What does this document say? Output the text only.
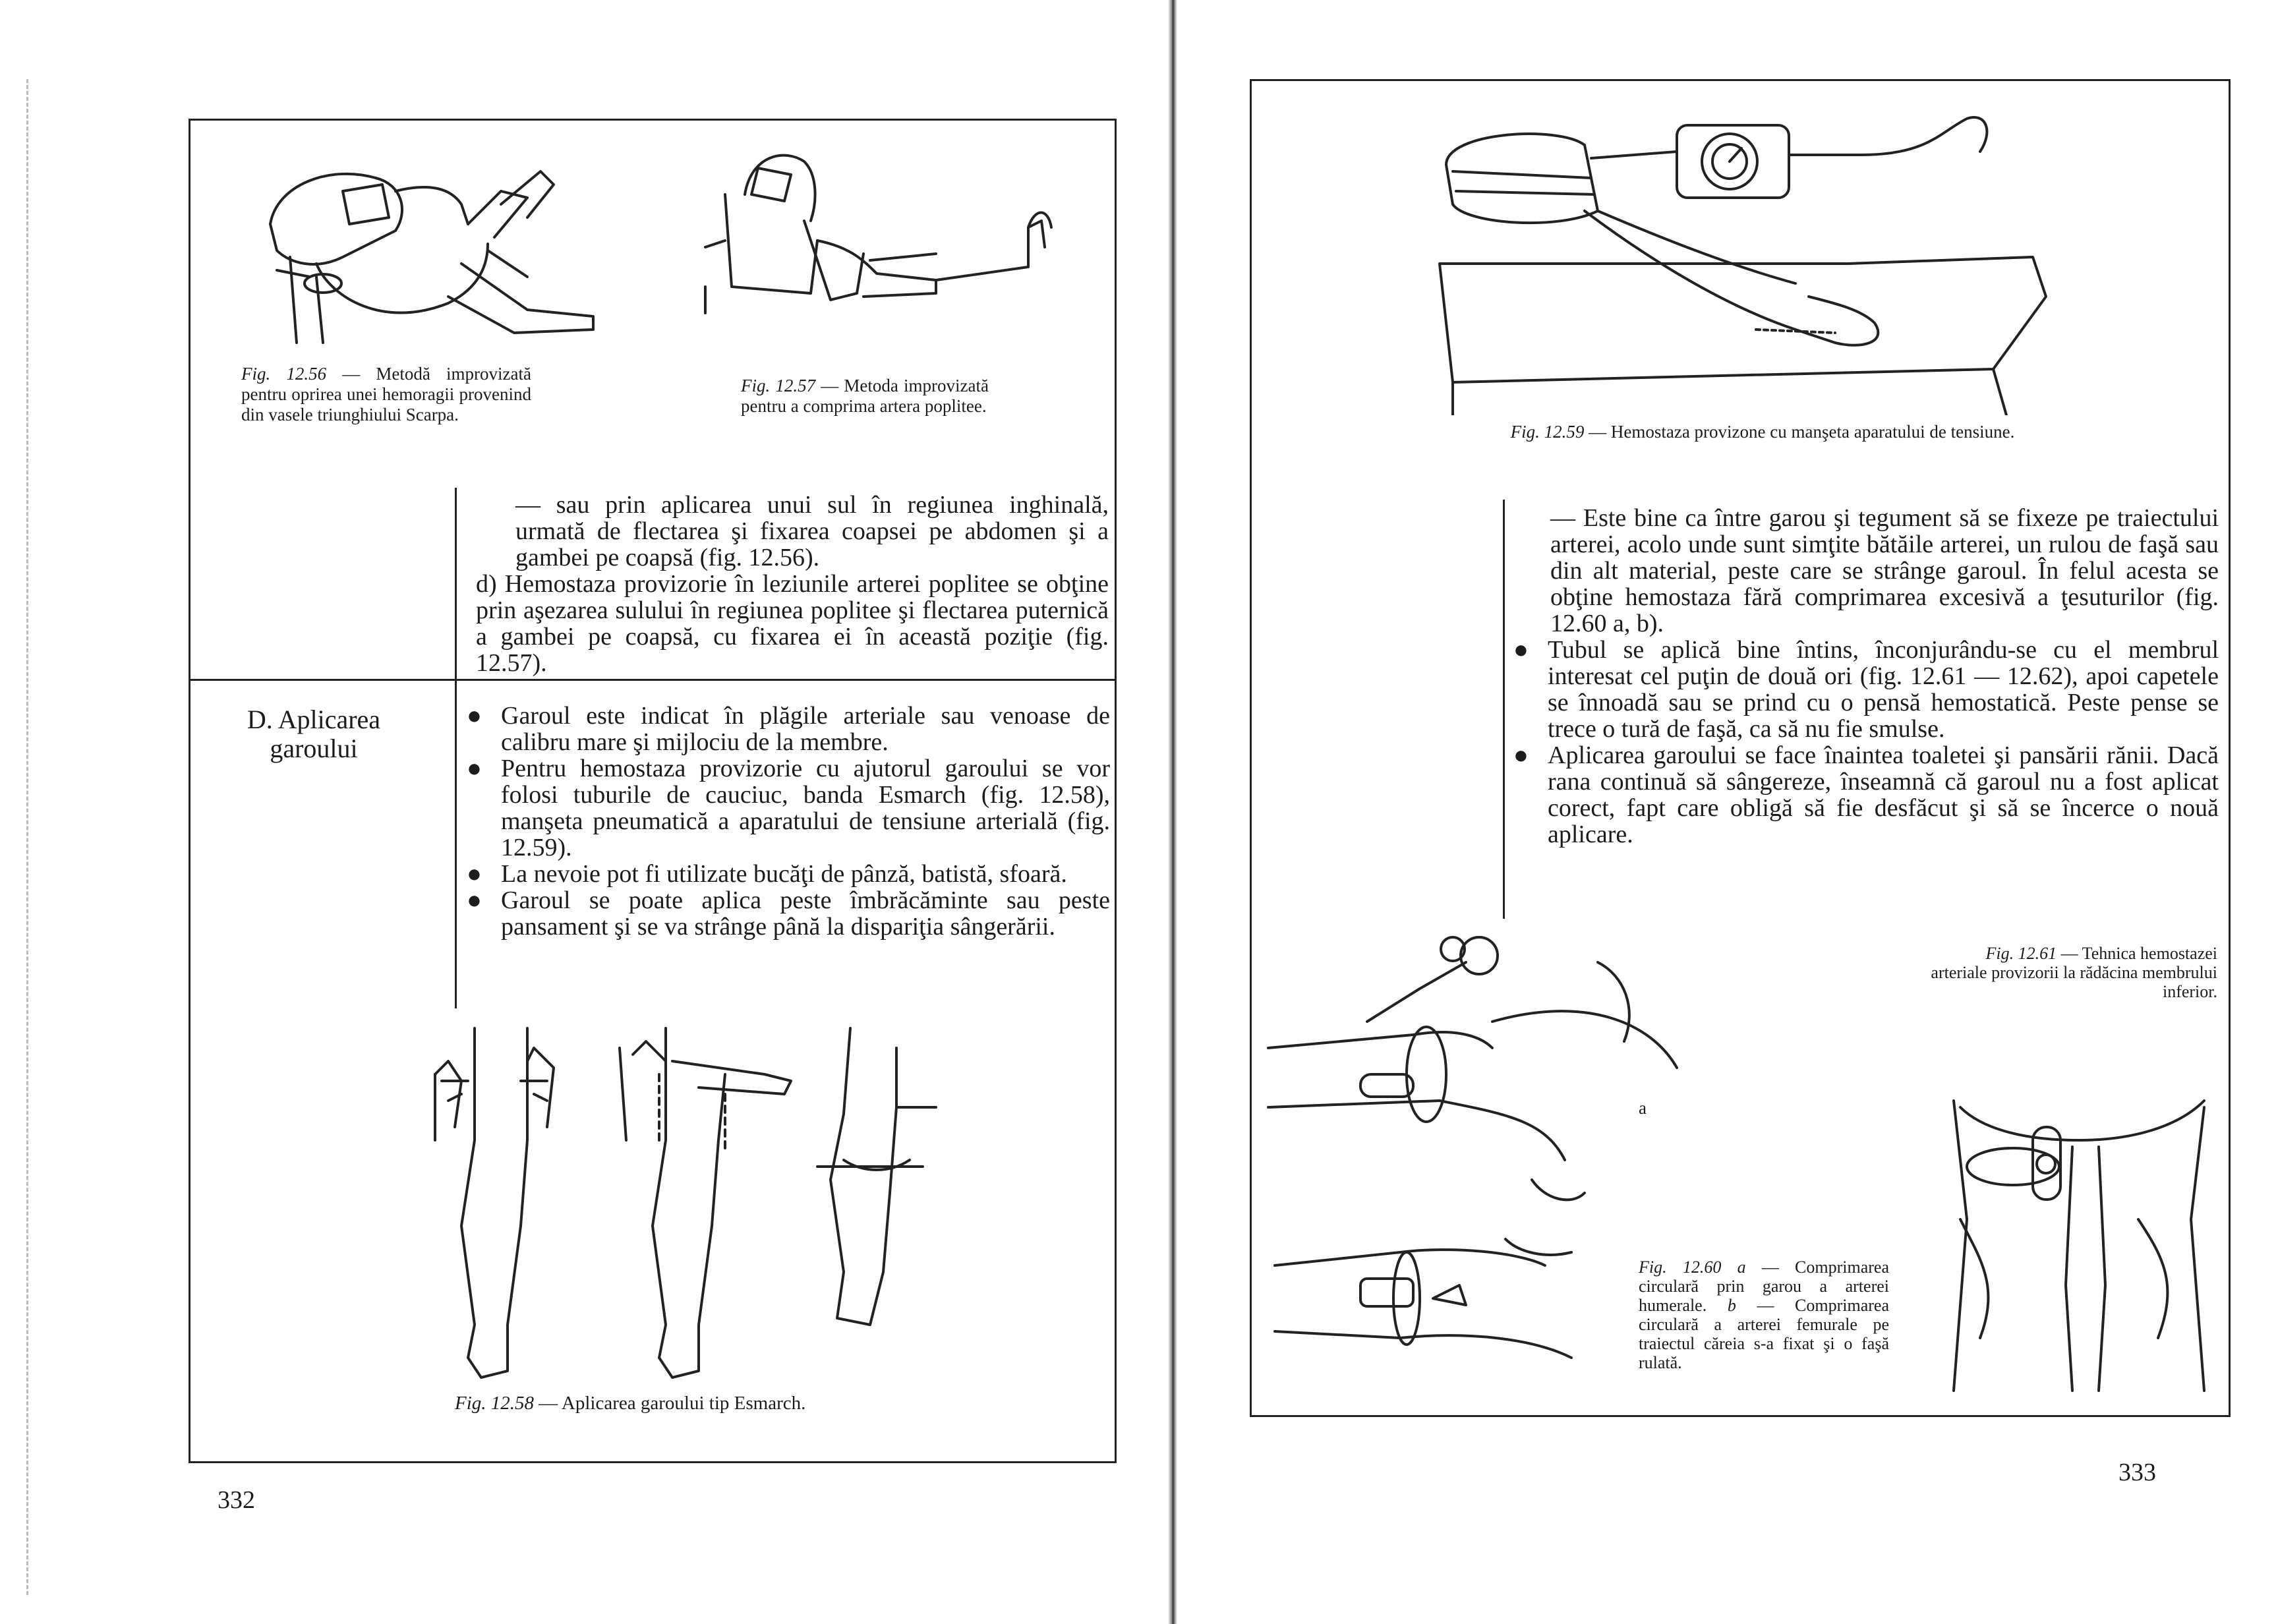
Fig. 12.56 — Metodă improvizată pentru oprirea unei hemoragii provenind din vasele triunghiului Scarpa.
Fig. 12.57 — Metoda improvizată pentru a comprima artera poplitee.

— sau prin aplicarea unui sul în regiunea inghinală, urmată de flectarea şi fixarea coapsei pe abdomen şi a gambei pe coapsă (fig. 12.56).

d) Hemostaza provizorie în leziunile arterei poplitee se obţine prin aşezarea sulului în regiunea poplitee şi flectarea puternică a gambei pe coapsă, cu fixarea ei în această poziţie (fig. 12.57).

D. Aplicarea garoului

● Garoul este indicat în plăgile arteriale sau venoase de calibru mare şi mijlociu de la membre.

● Pentru hemostaza provizorie cu ajutorul garoului se vor folosi tuburile de cauciuc, banda Esmarch (fig. 12.58), manşeta pneumatică a aparatului de tensiune arterială (fig. 12.59).

● La nevoie pot fi utilizate bucăţi de pânză, batistă, sfoară.

● Garoul se poate aplica peste îmbrăcăminte sau peste pansament şi se va strânge până la dispariţia sângerării.

Fig. 12.58 — Aplicarea garoului tip Esmarch.
332
Fig. 12.59 — Hemostaza provizone cu manşeta aparatului de tensiune.

— Este bine ca între garou şi tegument să se fixeze pe traiectului arterei, acolo unde sunt simţite bătăile arterei, un rulou de faşă sau din alt material, peste care se strânge garoul. În felul acesta se obţine hemostaza fără comprimarea excesivă a ţesuturilor (fig. 12.60 a, b).

● Tubul se aplică bine întins, înconjurându-se cu el membrul interesat cel puţin de două ori (fig. 12.61 — 12.62), apoi capetele se înnoadă sau se prind cu o pensă hemostatică. Peste pense se trece o tură de faşă, ca să nu fie smulse.

● Aplicarea garoului se face înaintea toaletei şi pansării rănii. Dacă rana continuă să sângereze, înseamnă că garoul nu a fost aplicat corect, fapt care obligă să fie desfăcut şi să se încerce o nouă aplicare.

a
Fig. 12.60 a — Comprimarea circulară prin garou a arterei humerale. b — Comprimarea circulară a arterei femurale pe traiectul căreia s-a fixat şi o faşă rulată.
Fig. 12.61 — Tehnica hemostazei arteriale provizorii la rădăcina membrului inferior.
333
